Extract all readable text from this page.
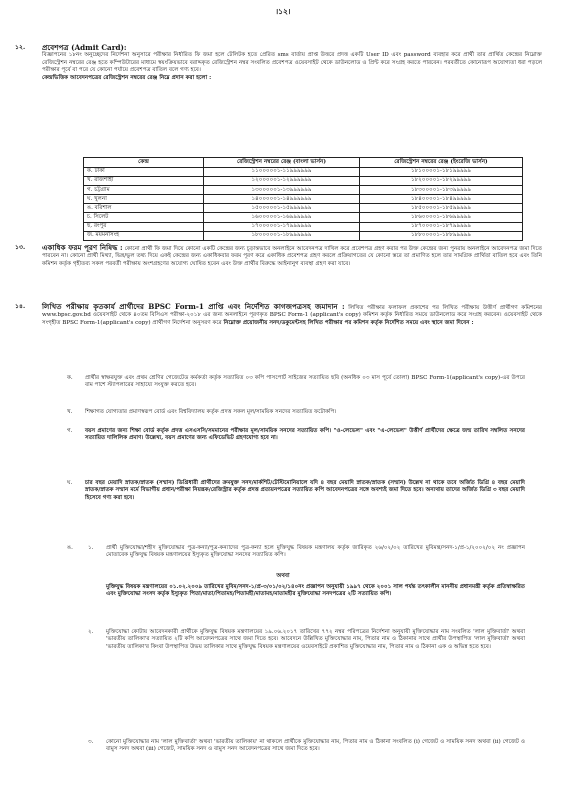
।১২।
১২. প্রবেশপত্র (Admit Card):
বিজ্ঞাপনের ১৮নং অনুচ্ছেদের নির্দেশনা অনুসারে পরীক্ষার নির্ধারিত ফি জমা হলে টেলিটক হতে প্রেরিত sms বার্তায় প্রাপ্ত উত্তরে প্রদত্ত একটি User ID এবং password ব্যবহার করে প্রার্থী তার প্রার্থিত কেন্দ্রের নিম্নোক্ত রেজিস্ট্রেশন নম্বরের রেঞ্জ হতে কম্পিউটারের মাধ্যমে স্বয়ংক্রিয়ভাবে বরাদ্দকৃত রেজিস্ট্রেশন নম্বর সংবলিত প্রবেশপত্র ওয়েবসাইট থেকে ডাউনলোড ও প্রিন্ট করে সংগ্রহ করতে পারবেন। পরবর্তীতে কোনোরূপ অযোগ্যতা ধরা পড়লে পরীক্ষার পূর্বে বা পরে যে কোনো পর্যায়ে প্রবেশপত্র বাতিল বলে গণ্য হবে।
কেন্দ্রভিত্তিক আবেদনপত্রের রেজিস্ট্রেশন নম্বরের রেঞ্জ নিম্নে প্রদান করা হলো :
কেন্দ্র	রেজিস্ট্রেশন নম্বরের রেঞ্জ (বাংলা ভার্সন)	রেজিস্ট্রেশন নম্বরের রেঞ্জ (ইংরেজি ভার্সন)
ক. ঢাকা	১১০০০০০১-১১৯৯৯৯৯৯	১৮১০০০০১-১৮১৯৯৯৯৯
খ. রাজশাহী	১২০০০০০১-১২৯৯৯৯৯৯	১৮২০০০০১-১৮২৯৯৯৯৯
গ. চট্টগ্রাম	১৩০০০০০১-১৩৯৯৯৯৯৯	১৮৩০০০০১-১৮৩৯৯৯৯৯
ঘ. খুলনা	১৪০০০০০১-১৪৯৯৯৯৯৯	১৮৪০০০০১-১৮৪৯৯৯৯৯
ঙ. বরিশাল	১৫০০০০০১-১৫৯৯৯৯৯৯	১৮৫০০০০১-১৮৫৯৯৯৯৯
চ. সিলেট	১৬০০০০০১-১৬৯৯৯৯৯৯	১৮৬০০০০১-১৮৬৯৯৯৯৯
ছ. রংপুর	১৭০০০০০১-১৭৯৯৯৯৯৯	১৮৭০০০০১-১৮৭৯৯৯৯৯
জ. ময়মনসিংহ	১৮০০০০০১-১৮৯৯৯৯৯৯	১৮৮০০০০১-১৮৮৯৯৯৯৯
১৩. একাধিক ফরম পূরণ নিষিদ্ধ : কোনো প্রার্থী ফি জমা দিয়ে কোনো একটি কেন্দ্রের জন্য চূড়ান্তভাবে অনলাইনে আবেদনপত্র দাখিল করে প্রবেশপত্র গ্রহণ করার পর উক্ত কেন্দ্রের জন্য পুনরায় অনলাইনে আবেদনপত্র জমা দিতে পারবেন না। কোনো প্রার্থী মিথ্যা, ভিন্ন/ভুল তথ্য দিয়ে একই কেন্দ্রের জন্য একাধিকবার ফরম পূরণ করে একাধিক প্রবেশপত্র গ্রহণ করলে প্রক্রিয়াগতের যে কোনো স্তরে তা প্রমাণিত হলে তার সামগ্রিক প্রার্থিতা বাতিল হবে এবং তিনি কমিশন কর্তৃক গৃহীতব্য সকল পরবর্তী পরীক্ষায় অংশগ্রহণের অযোগ্য ঘোষিত হবেন এবং উক্ত প্রার্থীর বিরুদ্ধে আইনানুগ ব্যবস্থা গ্রহণ করা যাবে।
১৪. লিখিত পরীক্ষায় কৃতকার্য প্রার্থীদের BPSC Form-1 প্রাপ্তি এবং নির্দেশিত কাগজপত্রসহ জমাদান : লিখিত পরীক্ষার ফলাফল প্রকাশের পর লিখিত পরীক্ষায় উত্তীর্ণ প্রার্থীগণ কমিশনের www.bpsc.gov.bd ওয়েবসাইট থেকে ৪০তম বিসিএস পরীক্ষা-২০১৮ এর জন্য অনলাইনে পূরণকৃত BPSC Form-1 (applicant's copy) কমিশন কর্তৃক নির্ধারিত সময়ে ডাউনলোড করে সংগ্রহ করবেন। ওয়েবসাইট থেকে সংগৃহীত BPSC Form-1(applicant's copy) প্রার্থীগণ নির্দেশনা অনুসরণ করে নিম্নোক্ত প্রয়োজনীয় সনদ/ডকুমেন্টসহ লিখিত পরীক্ষার পর কমিশন কর্তৃক নির্দেশিত সময়ে এবং স্থানে জমা দিবেন :
ক.	প্রার্থীর স্বাক্ষরযুক্ত এবং প্রথম শ্রেণির গেজেটেড কর্মকর্তা কর্তৃক সত্যায়িত ০৩ কপি পাসপোর্ট সাইজের সত্যায়িত ছবি (অনধিক ০৩ মাস পূর্বে তোলা) BPSC Form-1(applicant's copy)-এর উপরে বাম পাশে স্ট্যাপলারের সাহায্যে সংযুক্ত করতে হবে।
খ.	শিক্ষাগত যোগ্যতার প্রমাণস্বরূপ বোর্ড এবং বিশ্ববিদ্যালয় কর্তৃক প্রদত্ত সকল মূল/সাময়িক সনদের সত্যায়িত ফটোকপি।
গ.	বয়স প্রমাণের জন্য শিক্ষা বোর্ড কর্তৃক প্রদত্ত এসএসসি/সমমানের পরীক্ষার মূল/সাময়িক সনদের সত্যায়িত কপি। "ও-লেভেল" এবং "এ-লেভেল" উত্তীর্ণ প্রার্থীদের ক্ষেত্রে জন্ম তারিখ সম্বলিত সনদের সত্যায়িত দালিলিক প্রমাণ। উল্লেখ্য, বয়স প্রমাণের জন্য এফিডেভিট গ্রহণযোগ্য হবে না।
ঘ.	চার বছর মেয়াদি স্নাতক/স্নাতক (সম্মান) ডিগ্রিধারী প্রার্থীদের ক্রমযুক্ত সনদ/মার্কশিট/টেস্টিমোনিয়ালে যদি ৪ বছর মেয়াদি স্নাতক/স্নাতক (সম্মান) উল্লেখ না থাকে তবে অর্জিত ডিগ্রি ৪ বছর মেয়াদি স্নাতক/স্নাতক সম্মান মর্মে বিভাগীয় প্রধান/পরীক্ষা নিয়ন্ত্রক/রেজিস্ট্রার কর্তৃক প্রদত্ত প্রত্যয়নপত্রের সত্যায়িত কপি আবেদনপত্রের সঙ্গে অবশ্যই জমা দিতে হবে। অন্যথায় তাদের অর্জিত ডিগ্রি ৩ বছর মেয়াদি হিসেবে গণ্য করা হবে।
ঙ.	১.	প্রার্থী মুক্তিযোদ্ধা/শহীদ মুক্তিযোদ্ধার পুত্র-কন্যা/পুত্র-কন্যাদের পুত্র-কন্যা হলে মুক্তিযুদ্ধ বিষয়ক মন্ত্রণালয় কর্তৃক জারিকৃত ২৬/০২/০২ তারিখের মুবিমন্ত্র/সনদ-১/প্র-১/২০০২/০২ নং প্রজ্ঞাপন মোতাবেক মুক্তিযুদ্ধ বিষয়ক মন্ত্রণালয়ের ইস্যুকৃত মুক্তিযোদ্ধা সনদের সত্যায়িত কপি।
অথবা
মুক্তিযুদ্ধ বিষয়ক মন্ত্রণালয়ের ০১.০২.২০০৯ তারিখের মুবিম/সনদ-১/প্র-৩/০১/০২/১৪০নং প্রজ্ঞাপন অনুযায়ী ১৯৯৭ থেকে ২০০১ সাল পর্যন্ত তৎকালীন মাননীয় প্রধানমন্ত্রী কর্তৃক প্রতিস্বাক্ষরিত এবং মুক্তিযোদ্ধা সংসদ কর্তৃক ইস্যুকৃত পিতা/মাতা/পিতামহ/পিতামহী/মাতামহ/মাতামহীর মুক্তিযোদ্ধা সনদপত্রের ২টি সত্যায়িত কপি।
২.	মুক্তিযোদ্ধা কোটায় আবেদনকারী প্রার্থীকে মুক্তিযুদ্ধ বিষয়ক মন্ত্রণালয়ের ১৯.০৬.২০১৭ তারিখের ৭৭২ নম্বর পরিপত্রের নির্দেশনা অনুযায়ী মুক্তিযোদ্ধার নাম সংবলিত 'লাল মুক্তিবার্তা' অথবা 'ভারতীয় তালিকা'র সত্যায়িত ২টি কপি আবেদনপত্রের সাথে জমা দিতে হবে। আবেদনে উল্লিখিত মুক্তিযোদ্ধার নাম, পিতার নাম ও ঠিকানার সাথে প্রার্থীর উপস্থাপিত 'লাল মুক্তিবার্তা' অথবা 'ভারতীয় তালিকা'র কিংবা উপস্থাপিত উভয় তালিকার সাথে মুক্তিযুদ্ধ বিষয়ক মন্ত্রণালয়ের ওয়েবসাইটে প্রকাশিত মুক্তিযোদ্ধার নাম, পিতার নাম ও ঠিকানা এক ও অভিন্ন হতে হবে।
৩.	কোনো মুক্তিযোদ্ধার নাম 'লাল মুক্তিবার্তা' অথবা 'ভারতীয় তালিকায়' না থাকলে প্রার্থীকে মুক্তিযোদ্ধার নাম, পিতার নাম ও ঠিকানা সংবলিত (i) গেজেট ও সাময়িক সনদ অথবা (ii) গেজেট ও বামুস সনদ অথবা (iii) গেজেট, সাময়িক সনদ ও বামুস সনদ আবেদনপত্রের সাথে জমা দিতে হবে।
